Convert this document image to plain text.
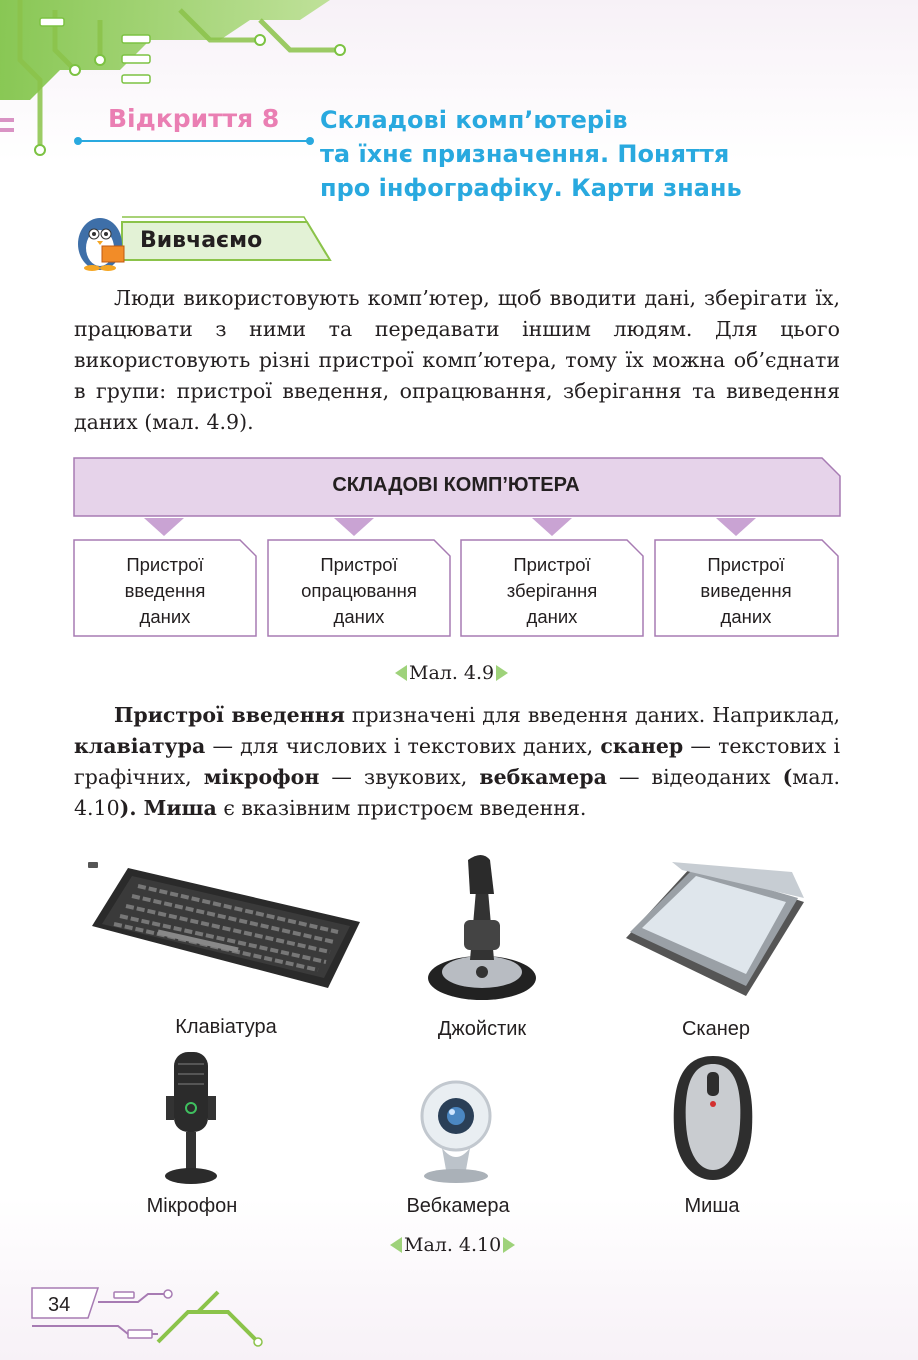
Відкриття 8 Складові комп’ютерів
та їхнє призначення. Поняття
про інфографіку. Карти знань
Вивчаємо

Люди використовують комп’ютер, щоб вводити дані, зберігати їх, працювати з ними та передавати іншим людям. Для цього використовують різні пристрої комп’ютера, тому їх можна об’єднати в групи: пристрої введення, опрацювання, зберігання та виведення даних (мал. 4.9).

СКЛАДОВІ КОМП’ЮТЕРА
Пристрої
введення
даних
Пристрої
опрацювання
даних
Пристрої
зберігання
даних
Пристрої
виведення
даних
Мал. 4.9

Пристрої введення призначені для введення даних. Наприклад, клавіатура — для числових і текстових даних, сканер — текстових і графічних, мікрофон — звукових, вебкамера — відеоданих (мал. 4.10). Миша є вказівним пристроєм введення.

Клавіатура	Джойстик	Сканер
Мікрофон	Вебкамера	Миша
Мал. 4.10
34
